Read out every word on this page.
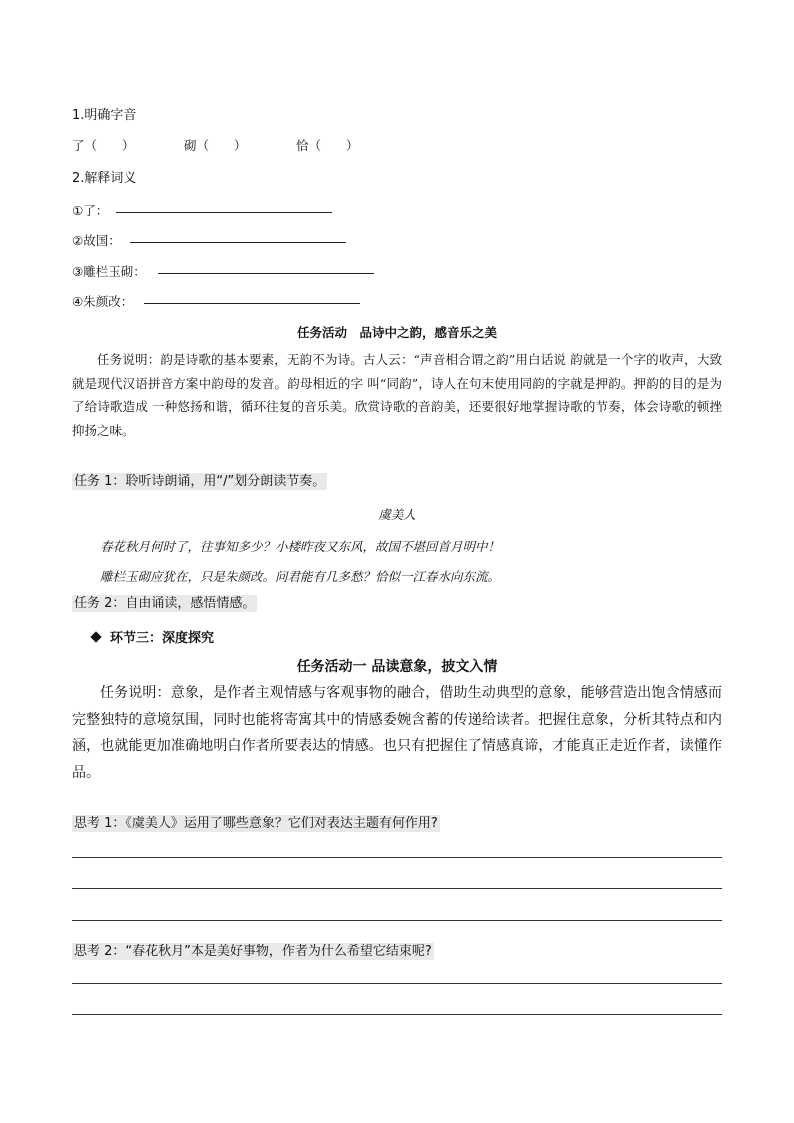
1.明确字音
了（　　）	砌（　　）	恰（　　）
2.解释词义
①了：
②故国：
③雕栏玉砌：
④朱颜改：
任务活动　品诗中之韵，感音乐之美
任务说明：韵是诗歌的基本要素，无韵不为诗。古人云：“声音相合谓之韵”用白话说 韵就是一个字的收声，大致就是现代汉语拼音方案中韵母的发音。韵母相近的字 叫“同韵”，诗人在句末使用同韵的字就是押韵。押韵的目的是为了给诗歌造成 一种悠扬和谐，循环往复的音乐美。欣赏诗歌的音韵美，还要很好地掌握诗歌的节奏，体会诗歌的顿挫抑扬之味。
任务 1：聆听诗朗诵，用“/”划分朗读节奏。
虞美人
春花秋月何时了，往事知多少？小楼昨夜又东风，故国不堪回首月明中！
雕栏玉砌应犹在，只是朱颜改。问君能有几多愁？恰似一江春水向东流。
任务 2：自由诵读，感悟情感。
环节三：深度探究
任务活动一 品读意象，披文入情
任务说明：意象，是作者主观情感与客观事物的融合，借助生动典型的意象，能够营造出饱含情感而完整独特的意境氛围，同时也能将寄寓其中的情感委婉含蓄的传递给读者。把握住意象，分析其特点和内涵，也就能更加准确地明白作者所要表达的情感。也只有把握住了情感真谛，才能真正走近作者，读懂作品。
思考 1：《虞美人》运用了哪些意象？它们对表达主题有何作用?
思考 2：“春花秋月”本是美好事物，作者为什么希望它结束呢?
